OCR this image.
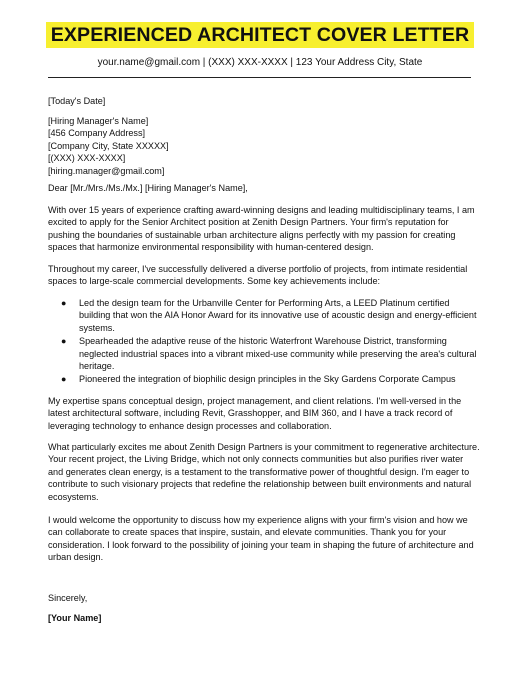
EXPERIENCED ARCHITECT COVER LETTER
your.name@gmail.com | (XXX) XXX-XXXX | 123 Your Address City, State
[Today's Date]
[Hiring Manager's Name]
[456 Company Address]
[Company City, State XXXXX]
[(XXX) XXX-XXXX]
[hiring.manager@gmail.com]
Dear [Mr./Mrs./Ms./Mx.] [Hiring Manager's Name],
With over 15 years of experience crafting award-winning designs and leading multidisciplinary teams, I am
excited to apply for the Senior Architect position at Zenith Design Partners. Your firm's reputation for
pushing the boundaries of sustainable urban architecture aligns perfectly with my passion for creating
spaces that harmonize environmental responsibility with human-centered design.
Throughout my career, I've successfully delivered a diverse portfolio of projects, from intimate residential
spaces to large-scale commercial developments. Some key achievements include:
● Led the design team for the Urbanville Center for Performing Arts, a LEED Platinum certified
building that won the AIA Honor Award for its innovative use of acoustic design and energy-efficient
systems.
● Spearheaded the adaptive reuse of the historic Waterfront Warehouse District, transforming
neglected industrial spaces into a vibrant mixed-use community while preserving the area's cultural
heritage.
● Pioneered the integration of biophilic design principles in the Sky Gardens Corporate Campus
My expertise spans conceptual design, project management, and client relations. I'm well-versed in the
latest architectural software, including Revit, Grasshopper, and BIM 360, and I have a track record of
leveraging technology to enhance design processes and collaboration.
What particularly excites me about Zenith Design Partners is your commitment to regenerative architecture.
Your recent project, the Living Bridge, which not only connects communities but also purifies river water
and generates clean energy, is a testament to the transformative power of thoughtful design. I'm eager to
contribute to such visionary projects that redefine the relationship between built environments and natural
ecosystems.
I would welcome the opportunity to discuss how my experience aligns with your firm's vision and how we
can collaborate to create spaces that inspire, sustain, and elevate communities. Thank you for your
consideration. I look forward to the possibility of joining your team in shaping the future of architecture and
urban design.
Sincerely,
[Your Name]
